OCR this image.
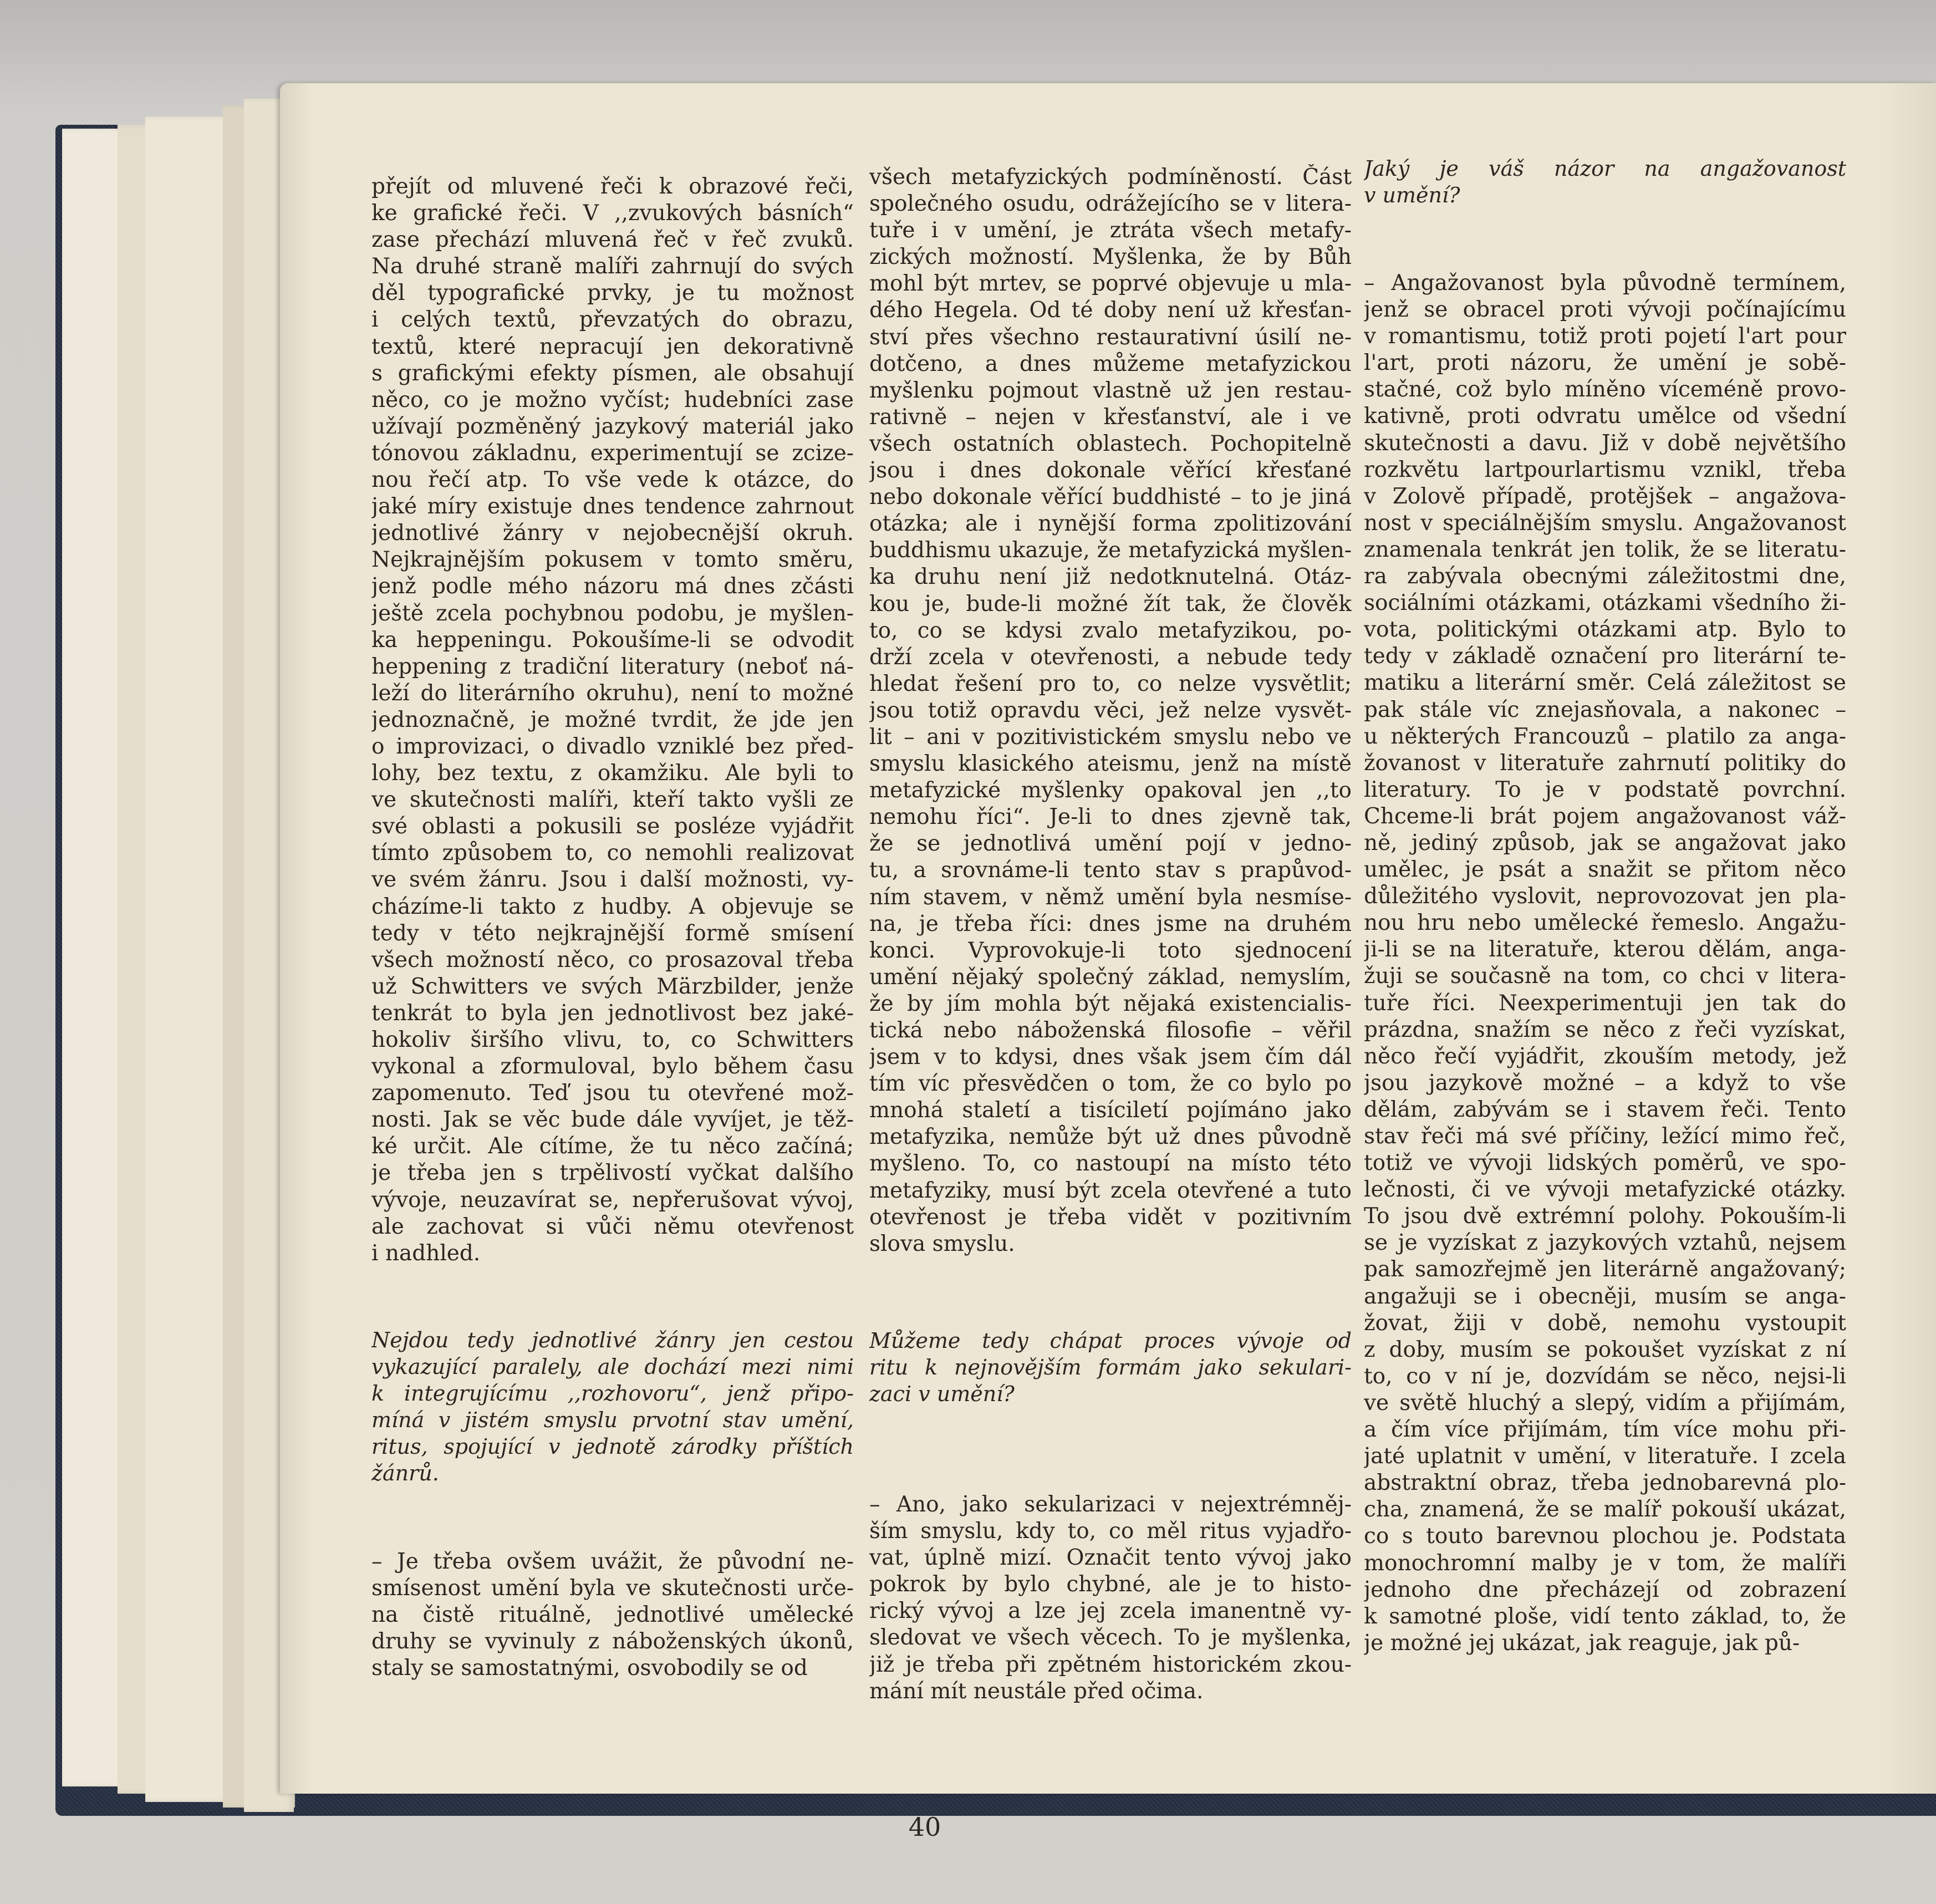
přejít od mluvené řeči k obrazové řeči,
ke grafické řeči. V ,,zvukových básních“
zase přechází mluvená řeč v řeč zvuků.
Na druhé straně malíři zahrnují do svých
děl typografické prvky, je tu možnost
i celých textů, převzatých do obrazu,
textů, které nepracují jen dekorativně
s grafickými efekty písmen, ale obsahují
něco, co je možno vyčíst; hudebníci zase
užívají pozměněný jazykový materiál jako
tónovou základnu, experimentují se zcize-
nou řečí atp. To vše vede k otázce, do
jaké míry existuje dnes tendence zahrnout
jednotlivé žánry v nejobecnější okruh.
Nejkrajnějším pokusem v tomto směru,
jenž podle mého názoru má dnes zčásti
ještě zcela pochybnou podobu, je myšlen-
ka heppeningu. Pokoušíme-li se odvodit
heppening z tradiční literatury (neboť ná-
leží do literárního okruhu), není to možné
jednoznačně, je možné tvrdit, že jde jen
o improvizaci, o divadlo vzniklé bez před-
lohy, bez textu, z okamžiku. Ale byli to
ve skutečnosti malíři, kteří takto vyšli ze
své oblasti a pokusili se posléze vyjádřit
tímto způsobem to, co nemohli realizovat
ve svém žánru. Jsou i další možnosti, vy-
cházíme-li takto z hudby. A objevuje se
tedy v této nejkrajnější formě smísení
všech možností něco, co prosazoval třeba
už Schwitters ve svých Märzbilder, jenže
tenkrát to byla jen jednotlivost bez jaké-
hokoliv širšího vlivu, to, co Schwitters
vykonal a zformuloval, bylo během času
zapomenuto. Teď jsou tu otevřené mož-
nosti. Jak se věc bude dále vyvíjet, je těž-
ké určit. Ale cítíme, že tu něco začíná;
je třeba jen s trpělivostí vyčkat dalšího
vývoje, neuzavírat se, nepřerušovat vývoj,
ale zachovat si vůči němu otevřenost
i nadhled.
Nejdou tedy jednotlivé žánry jen cestou
vykazující paralely, ale dochází mezi nimi
k integrujícímu ,,rozhovoru“, jenž připo-
míná v jistém smyslu prvotní stav umění,
ritus, spojující v jednotě zárodky příštích
žánrů.
– Je třeba ovšem uvážit, že původní ne-
smísenost umění byla ve skutečnosti urče-
na čistě rituálně, jednotlivé umělecké
druhy se vyvinuly z náboženských úkonů,
staly se samostatnými, osvobodily se od
všech metafyzických podmíněností. Část
společného osudu, odrážejícího se v litera-
tuře i v umění, je ztráta všech metafy-
zických možností. Myšlenka, že by Bůh
mohl být mrtev, se poprvé objevuje u mla-
dého Hegela. Od té doby není už křesťan-
ství přes všechno restaurativní úsilí ne-
dotčeno, a dnes můžeme metafyzickou
myšlenku pojmout vlastně už jen restau-
rativně – nejen v křesťanství, ale i ve
všech ostatních oblastech. Pochopitelně
jsou i dnes dokonale věřící křesťané
nebo dokonale věřící buddhisté – to je jiná
otázka; ale i nynější forma zpolitizování
buddhismu ukazuje, že metafyzická myšlen-
ka druhu není již nedotknutelná. Otáz-
kou je, bude-li možné žít tak, že člověk
to, co se kdysi zvalo metafyzikou, po-
drží zcela v otevřenosti, a nebude tedy
hledat řešení pro to, co nelze vysvětlit;
jsou totiž opravdu věci, jež nelze vysvět-
lit – ani v pozitivistickém smyslu nebo ve
smyslu klasického ateismu, jenž na místě
metafyzické myšlenky opakoval jen ,,to
nemohu říci“. Je-li to dnes zjevně tak,
že se jednotlivá umění pojí v jedno-
tu, a srovnáme-li tento stav s prapůvod-
ním stavem, v němž umění byla nesmíse-
na, je třeba říci: dnes jsme na druhém
konci. Vyprovokuje-li toto sjednocení
umění nějaký společný základ, nemyslím,
že by jím mohla být nějaká existencialis-
tická nebo náboženská filosofie – věřil
jsem v to kdysi, dnes však jsem čím dál
tím víc přesvědčen o tom, že co bylo po
mnohá staletí a tisíciletí pojímáno jako
metafyzika, nemůže být už dnes původně
myšleno. To, co nastoupí na místo této
metafyziky, musí být zcela otevřené a tuto
otevřenost je třeba vidět v pozitivním
slova smyslu.
Můžeme tedy chápat proces vývoje od
ritu k nejnovějším formám jako sekulari-
zaci v umění?
– Ano, jako sekularizaci v nejextrémněj-
ším smyslu, kdy to, co měl ritus vyjadřo-
vat, úplně mizí. Označit tento vývoj jako
pokrok by bylo chybné, ale je to histo-
rický vývoj a lze jej zcela imanentně vy-
sledovat ve všech věcech. To je myšlenka,
již je třeba při zpětném historickém zkou-
mání mít neustále před očima.
Jaký je váš názor na angažovanost
v umění?
– Angažovanost byla původně termínem,
jenž se obracel proti vývoji počínajícímu
v romantismu, totiž proti pojetí l'art pour
l'art, proti názoru, že umění je sobě-
stačné, což bylo míněno víceméně provo-
kativně, proti odvratu umělce od všední
skutečnosti a davu. Již v době největšího
rozkvětu lartpourlartismu vznikl, třeba
v Zolově případě, protějšek – angažova-
nost v speciálnějším smyslu. Angažovanost
znamenala tenkrát jen tolik, že se literatu-
ra zabývala obecnými záležitostmi dne,
sociálními otázkami, otázkami všedního ži-
vota, politickými otázkami atp. Bylo to
tedy v základě označení pro literární te-
matiku a literární směr. Celá záležitost se
pak stále víc znejasňovala, a nakonec –
u některých Francouzů – platilo za anga-
žovanost v literatuře zahrnutí politiky do
literatury. To je v podstatě povrchní.
Chceme-li brát pojem angažovanost váž-
ně, jediný způsob, jak se angažovat jako
umělec, je psát a snažit se přitom něco
důležitého vyslovit, neprovozovat jen pla-
nou hru nebo umělecké řemeslo. Angažu-
ji-li se na literatuře, kterou dělám, anga-
žuji se současně na tom, co chci v litera-
tuře říci. Neexperimentuji jen tak do
prázdna, snažím se něco z řeči vyzískat,
něco řečí vyjádřit, zkouším metody, jež
jsou jazykově možné – a když to vše
dělám, zabývám se i stavem řeči. Tento
stav řeči má své příčiny, ležící mimo řeč,
totiž ve vývoji lidských poměrů, ve spo-
lečnosti, či ve vývoji metafyzické otázky.
To jsou dvě extrémní polohy. Pokouším-li
se je vyzískat z jazykových vztahů, nejsem
pak samozřejmě jen literárně angažovaný;
angažuji se i obecněji, musím se anga-
žovat, žiji v době, nemohu vystoupit
z doby, musím se pokoušet vyzískat z ní
to, co v ní je, dozvídám se něco, nejsi-li
ve světě hluchý a slepý, vidím a přijímám,
a čím více přijímám, tím více mohu při-
jaté uplatnit v umění, v literatuře. I zcela
abstraktní obraz, třeba jednobarevná plo-
cha, znamená, že se malíř pokouší ukázat,
co s touto barevnou plochou je. Podstata
monochromní malby je v tom, že malíři
jednoho dne přecházejí od zobrazení
k samotné ploše, vidí tento základ, to, že
je možné jej ukázat, jak reaguje, jak pů-
40
